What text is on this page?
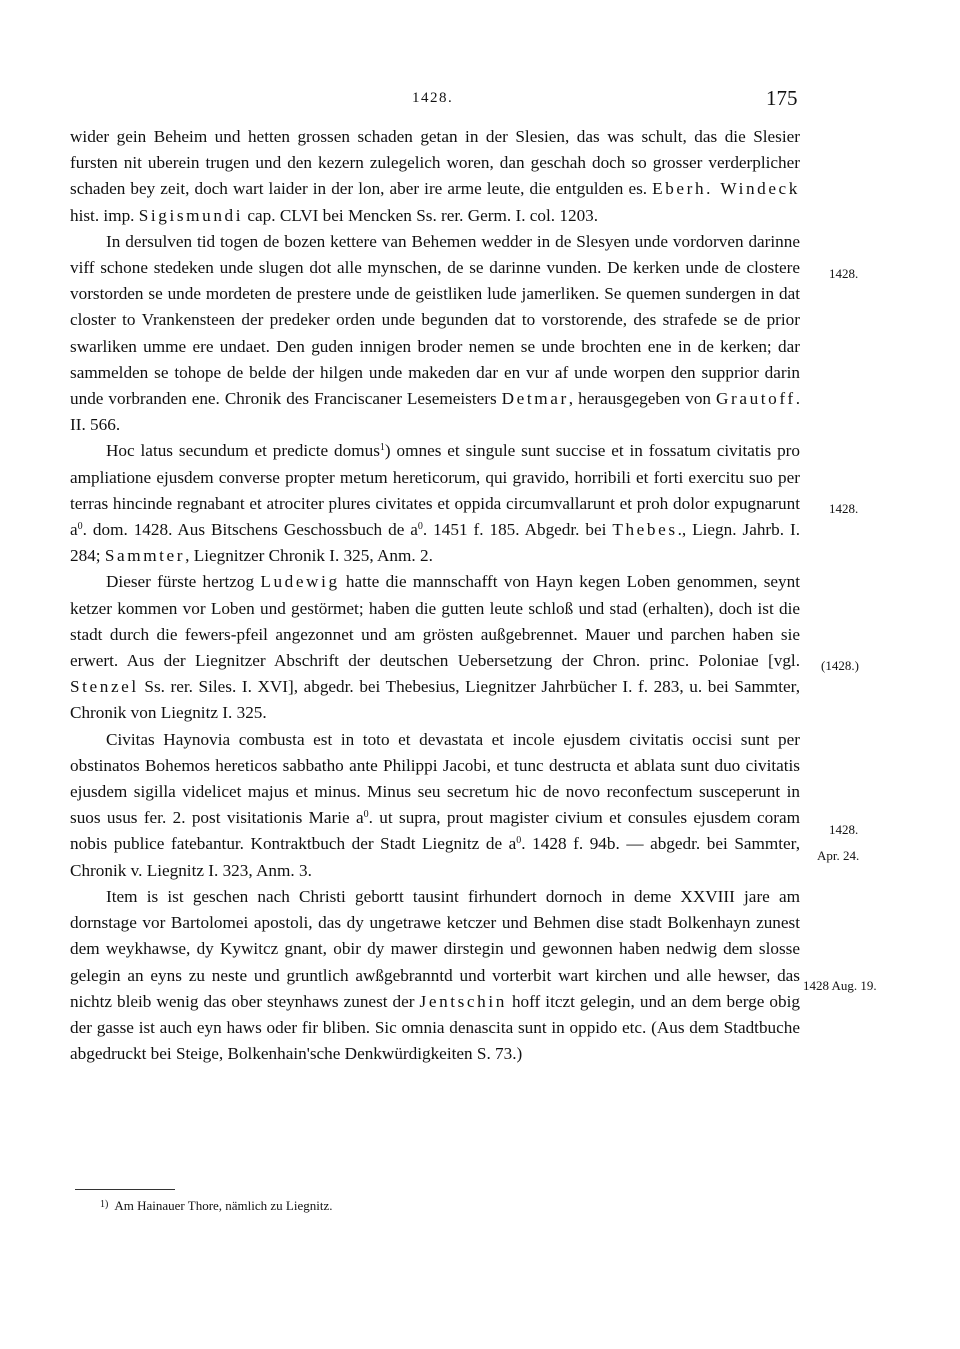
1428.	175

wider gein Beheim und hetten grossen schaden getan in der Slesien, das was schult, das die Slesier fursten nit uberein trugen und den kezern zulegelich woren, dan geschah doch so grosser verderplicher schaden bey zeit, doch wart laider in der lon, aber ire arme leute, die entgulden es. Eberh. Windeck hist. imp. Sigismundi cap. CLVI bei Mencken Ss. rer. Germ. I. col. 1203.

In dersulven tid togen de bozen kettere van Behemen wedder in de Slesyen unde vordorven darinne viff schone stedeken unde slugen dot alle mynschen, de se darinne vunden. De kerken unde de clostere vorstorden se unde mordeten de prestere unde de geistliken lude jamerliken. Se quemen sundergen in dat closter to Vrankensteen der predeker orden unde begunden dat to vorstorende, des strafede se de prior swarliken umme ere undaet. Den guden innigen broder nemen se unde brochten ene in de kerken; dar sammelden se tohope de belde der hilgen unde makeden dar en vur af unde worpen den supprior darin unde vorbranden ene. Chronik des Franciscaner Lesemeisters Detmar, herausgegeben von Grautoff. II. 566.

Hoc latus secundum et predicte domus$^1$) omnes et singule sunt succise et in fossatum civitatis pro ampliatione ejusdem converse propter metum hereticorum, qui gravido, horribili et forti exercitu suo per terras hincinde regnabant et atrociter plures civitates et oppida circumvallarunt et proh dolor expugnarunt $a^0$. dom. 1428. Aus Bitschens Geschossbuch de $a^0$. 1451 f. 185. Abgedr. bei Thebes., Liegn. Jahrb. I. 284; Sammter, Liegnitzer Chronik I. 325, Anm. 2.

Dieser fürste hertzog Ludewig hatte die mannschafft von Hayn kegen Loben genommen, seynt ketzer kommen vor Loben und gestörmet; haben die gutten leute schloß und stad (erhalten), doch ist die stadt durch die fewers-pfeil angezonnet und am grösten außgebrennet. Mauer und parchen haben sie erwert. Aus der Liegnitzer Abschrift der deutschen Uebersetzung der Chron. princ. Poloniae [vgl. Stenzel Ss. rer. Siles. I. XVI], abgedr. bei Thebesius, Liegnitzer Jahrbücher I. f. 283, u. bei Sammter, Chronik von Liegnitz I. 325.

Civitas Haynovia combusta est in toto et devastata et incole ejusdem civitatis occisi sunt per obstinatos Bohemos hereticos sabbatho ante Philippi Jacobi, et tunc destructa et ablata sunt duo civitatis ejusdem sigilla videlicet majus et minus. Minus seu secretum hic de novo reconfectum susceperunt in suos usus fer. 2. post visitationis Marie $a^0$. ut supra, prout magister civium et consules ejusdem coram nobis publice fatebantur. Kontraktbuch der Stadt Liegnitz de $a^0$. 1428 f. 94b. — abgedr. bei Sammter, Chronik v. Liegnitz I. 323, Anm. 3.

Item is ist geschen nach Christi gebortt tausint firhundert dornoch in deme XXVIII jare am dornstage vor Bartolomei apostoli, das dy ungetrawe ketczer und Behmen dise stadt Bolkenhayn zunest dem weykhawse, dy Kywitcz gnant, obir dy mawer dirstegin und gewonnen haben nedwig dem slosse gelegin an eyns zu neste und gruntlich awßgebranntd und vorterbit wart kirchen und alle hewser, das nichtz bleib wenig das ober steynhaws zunest der Jentschin hoff itczt gelegin, und an dem berge obig der gasse ist auch eyn haws oder fir bliben. Sic omnia denascita sunt in oppido etc. (Aus dem Stadtbuche abgedruckt bei Steige, Bolkenhain'sche Denkwürdigkeiten S. 73.)

1428.
1428.
(1428.)
1428.
Apr. 24.
1428 Aug. 19.
$^{1)}$ Am Hainauer Thore, nämlich zu Liegnitz.
